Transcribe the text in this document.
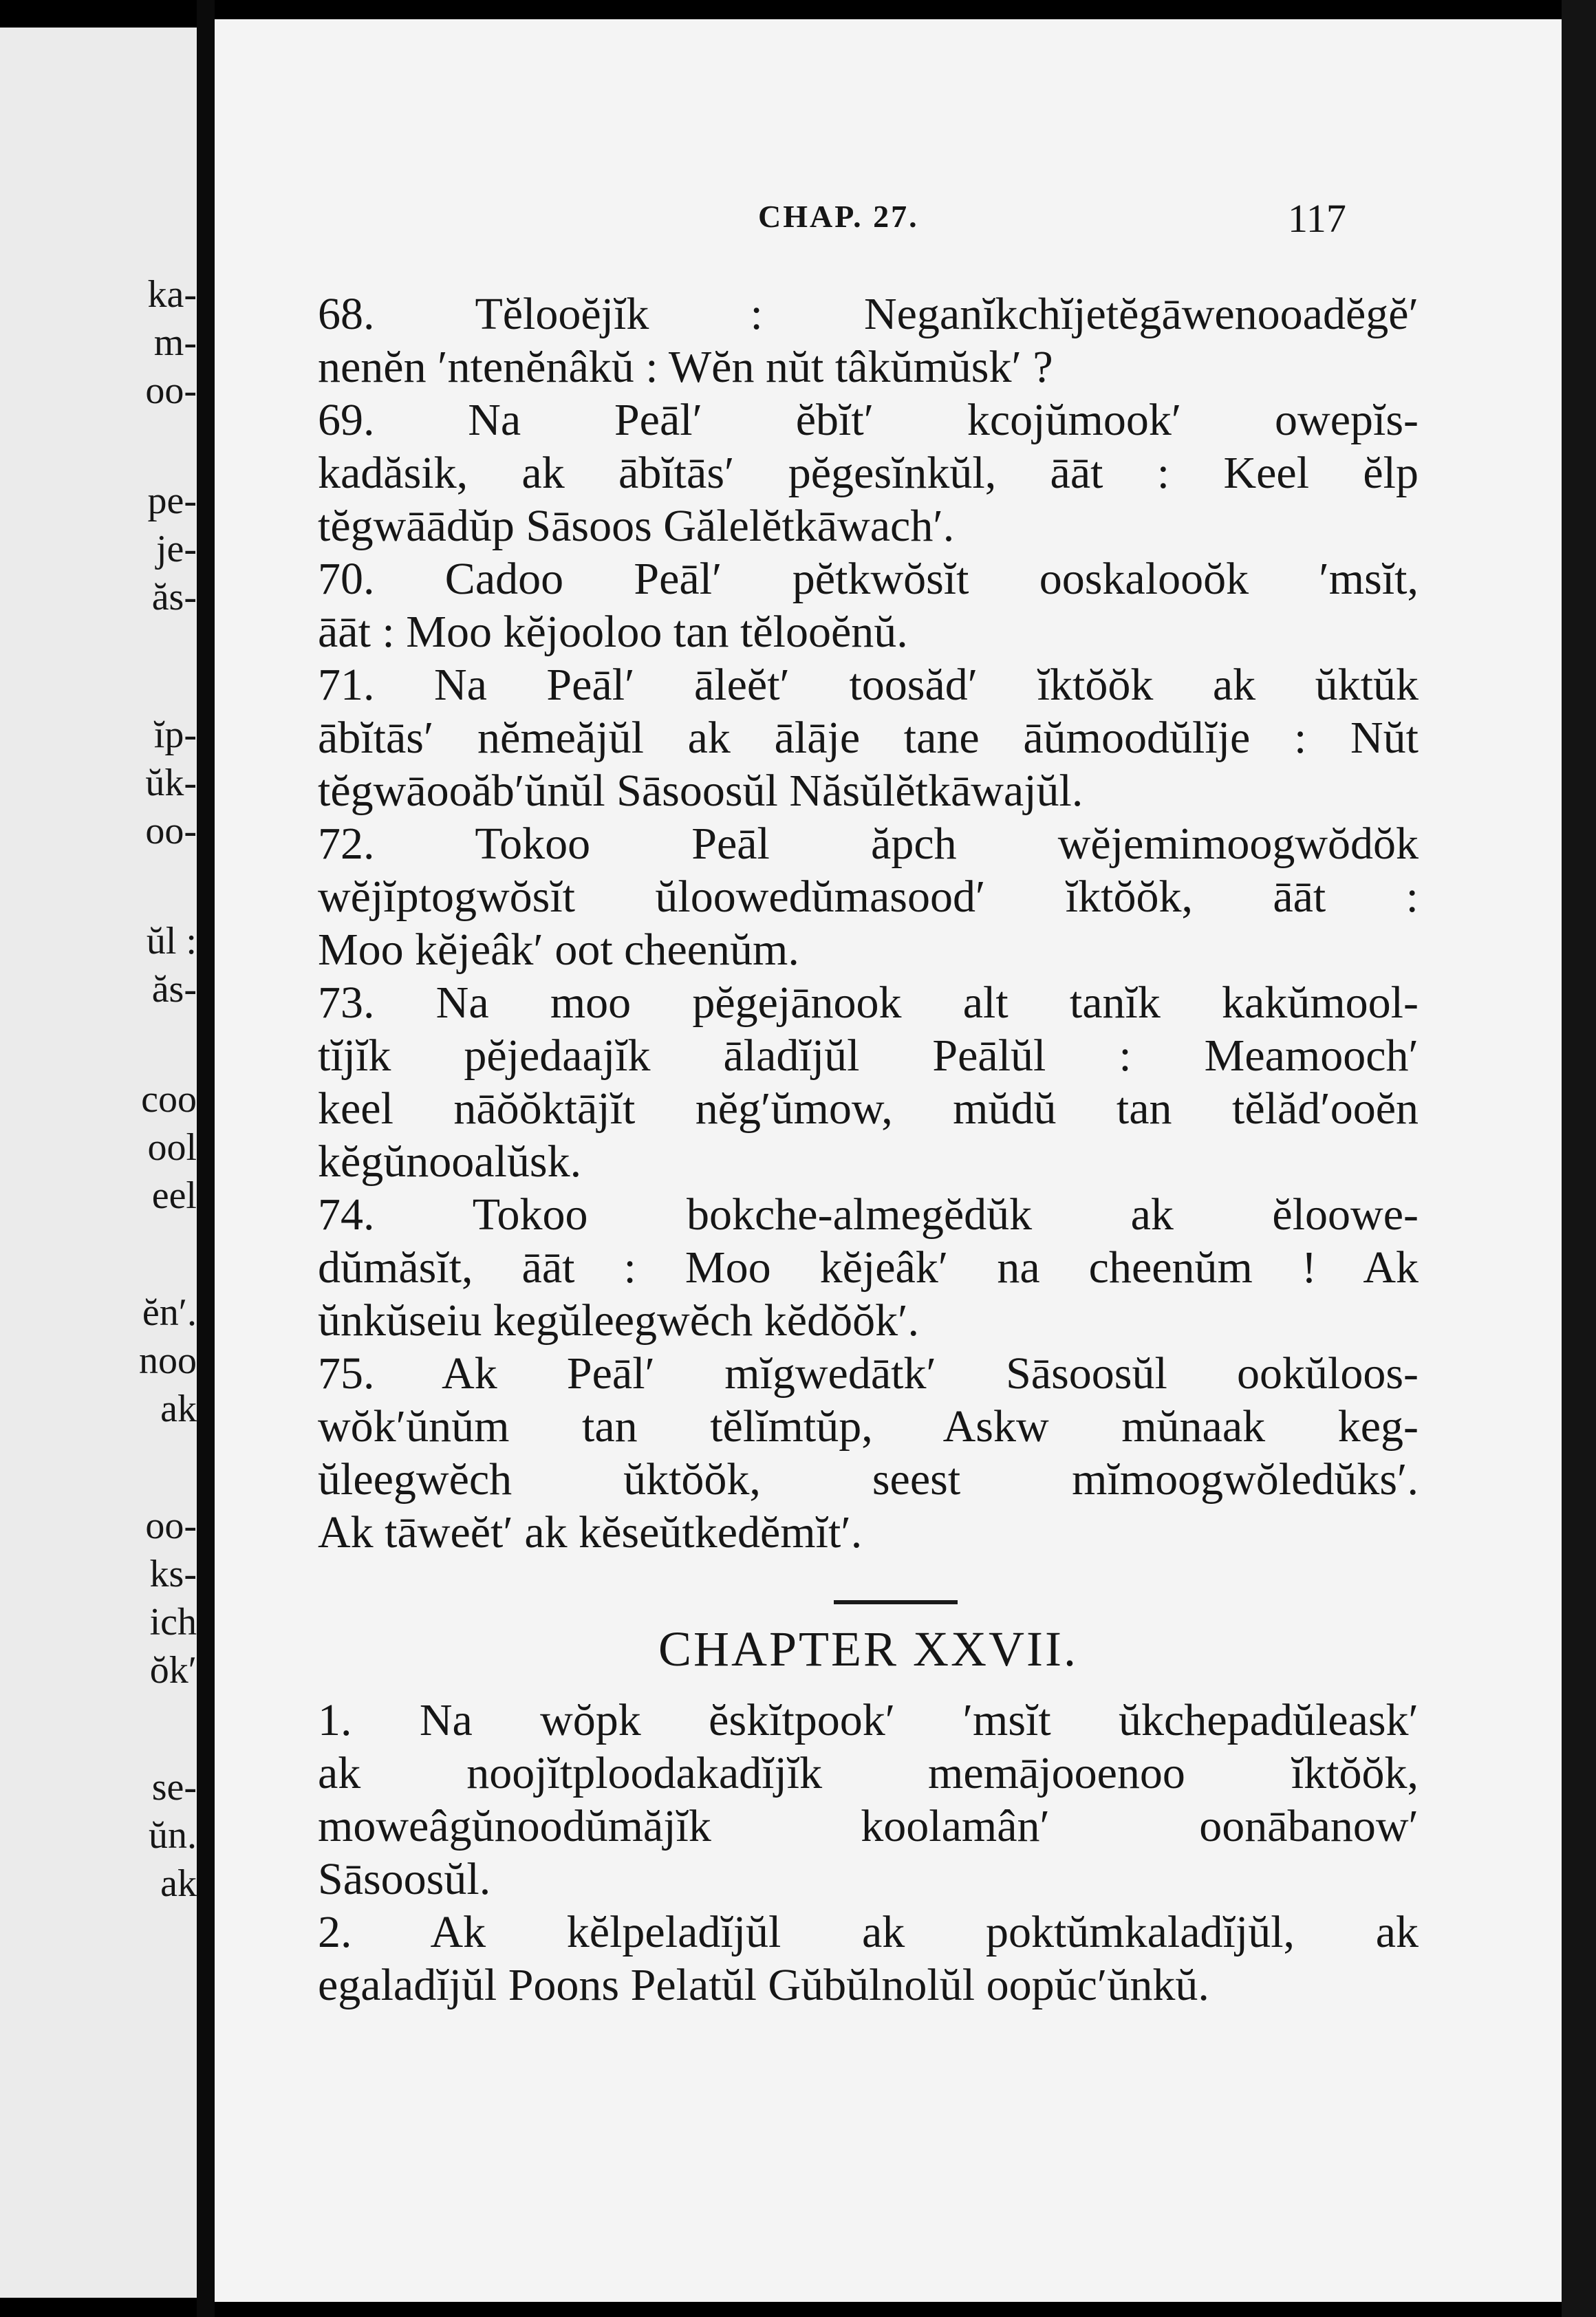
ka-
m-
oo-
pe-
je-
ăs-
ĭp-
ŭk-
oo-
ŭl :
ăs-
coo
ool
eel
ĕn′.
noo
ak
oo-
ks-
ich
ŏk′
se-
ŭn.
ak
CHAP. 27.	117

68. Tĕlooĕjĭk : Neganĭkchĭjetĕgāwenooadĕgĕ′
nenĕn ′ntenĕnâkŭ : Wĕn nŭt tâkŭmŭsk′ ?

69. Na Peāl′ ĕbĭt′ kcojŭmook′ owepĭs-
kadăsik, ak ābĭtās′ pĕgesĭnkŭl, āāt : Keel ĕlp
tĕgwāādŭp Sāsoos Gălelĕtkāwach′.

70. Cadoo Peāl′ pĕtkwŏsĭt ooskalooŏk ′msĭt,
āāt : Moo kĕjooloo tan tĕlooĕnŭ.

71. Na Peāl′ āleĕt′ toosăd′ ĭktŏŏk ak ŭktŭk
ābĭtās′ nĕmeăjŭl ak ālāje tane āŭmoodŭlĭje : Nŭt
tĕgwāooăb′ŭnŭl Sāsoosŭl Năsŭlĕtkāwajŭl.

72. Tokoo Peāl ăpch wĕjemimoogwŏdŏk
wĕjĭptogwŏsĭt ŭloowedŭmasood′ ĭktŏŏk, āāt :
Moo kĕjeâk′ oot cheenŭm.

73. Na moo pĕgejānook alt tanĭk kakŭmool-
tĭjĭk pĕjedaajĭk āladĭjŭl Peālŭl : Meamooch′
keel nāŏŏktājĭt nĕg′ŭmow, mŭdŭ tan tĕlăd′ooĕn
kĕgŭnooalŭsk.

74. Tokoo bokche-almegĕdŭk ak ĕloowe-
dŭmăsĭt, āāt : Moo kĕjeâk′ na cheenŭm ! Ak
ŭnkŭseiu kegŭleegwĕch kĕdŏŏk′.

75. Ak Peāl′ mĭgwedātk′ Sāsoosŭl ookŭloos-
wŏk′ŭnŭm tan tĕlĭmtŭp, Askw mŭnaak keg-
ŭleegwĕch ŭktŏŏk, seest mĭmoogwŏledŭks′.
Ak tāweĕt′ ak kĕseŭtkedĕmĭt′.

CHAPTER XXVII.

1. Na wŏpk ĕskĭtpook′ ′msĭt ŭkchepadŭleask′
ak noojĭtploodakadĭjĭk memājooenoo ĭktŏŏk,
moweâgŭnoodŭmăjĭk koolamân′ oonābanow′
Sāsoosŭl.

2. Ak kĕlpeladĭjŭl ak poktŭmkaladĭjŭl, ak
egaladĭjŭl Poons Pelatŭl Gŭbŭlnolŭl oopŭc′ŭnkŭ.
